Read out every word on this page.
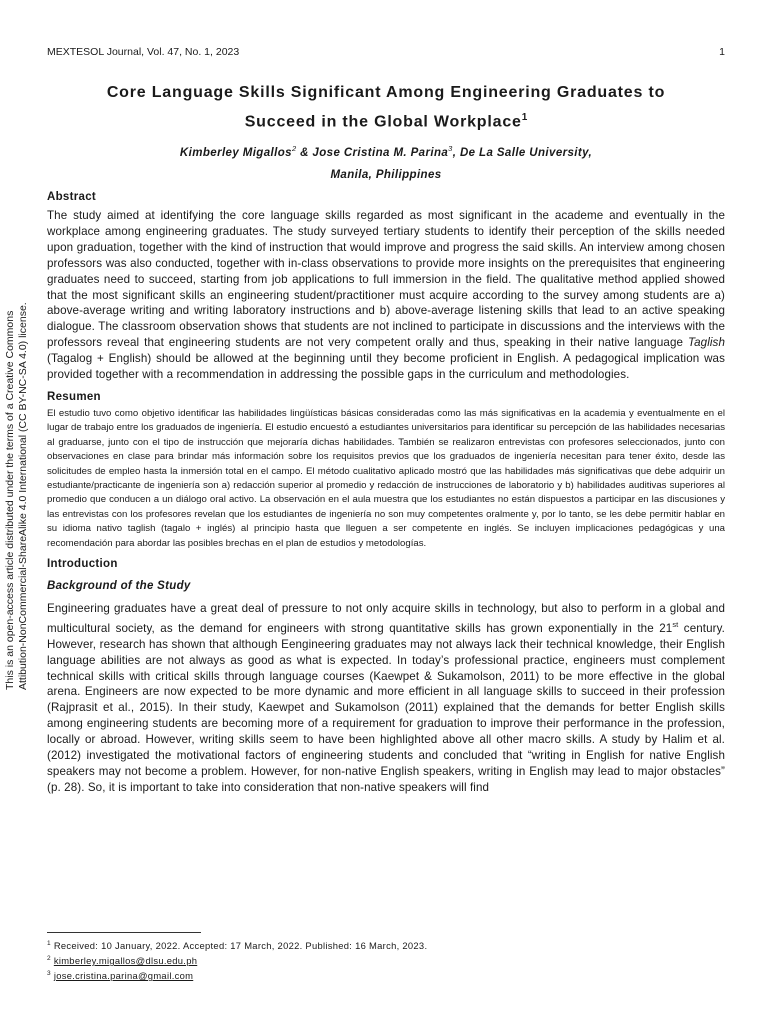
MEXTESOL Journal, Vol. 47, No. 1, 2023	1
This is an open-access article distributed under the terms of a Creative Commons Attibution-NonCommercial-ShareAlike 4.0 International (CC BY-NC-SA 4.0) license.
Core Language Skills Significant Among Engineering Graduates to
Succeed in the Global Workplace$^1$
Kimberley Migallos$^2$ & Jose Cristina M. Parina$^3$, De La Salle University,
Manila, Philippines
Abstract

The study aimed at identifying the core language skills regarded as most significant in the academe and eventually in the workplace among engineering graduates. The study surveyed tertiary students to identify their perception of the skills needed upon graduation, together with the kind of instruction that would improve and progress the said skills. An interview among chosen professors was also conducted, together with in-class observations to provide more insights on the prerequisites that engineering graduates need to succeed, starting from job applications to full immersion in the field. The qualitative method applied showed that the most significant skills an engineering student/practitioner must acquire according to the survey among students are a) above-average writing and writing laboratory instructions and b) above-average listening skills that lead to an active speaking dialogue. The classroom observation shows that students are not inclined to participate in discussions and the interviews with the professors reveal that engineering students are not very competent orally and thus, speaking in their native language Taglish (Tagalog + English) should be allowed at the beginning until they become proficient in English. A pedagogical implication was provided together with a recommendation in addressing the possible gaps in the curriculum and methodologies.

Resumen

El estudio tuvo como objetivo identificar las habilidades lingüísticas básicas consideradas como las más significativas en la academia y eventualmente en el lugar de trabajo entre los graduados de ingeniería. El estudio encuestó a estudiantes universitarios para identificar su percepción de las habilidades necesarias al graduarse, junto con el tipo de instrucción que mejoraría dichas habilidades. También se realizaron entrevistas con profesores seleccionados, junto con observaciones en clase para brindar más información sobre los requisitos previos que los graduados de ingeniería necesitan para tener éxito, desde las solicitudes de empleo hasta la inmersión total en el campo. El método cualitativo aplicado mostró que las habilidades más significativas que debe adquirir un estudiante/practicante de ingeniería son a) redacción superior al promedio y redacción de instrucciones de laboratorio y b) habilidades auditivas superiores al promedio que conducen a un diálogo oral activo. La observación en el aula muestra que los estudiantes no están dispuestos a participar en las discusiones y las entrevistas con los profesores revelan que los estudiantes de ingeniería no son muy competentes oralmente y, por lo tanto, se les debe permitir hablar en su idioma nativo taglish (tagalo + inglés) al principio hasta que lleguen a ser competente en inglés. Se incluyen implicaciones pedagógicas y una recomendación para abordar las posibles brechas en el plan de estudios y metodologías.

Introduction
Background of the Study

Engineering graduates have a great deal of pressure to not only acquire skills in technology, but also to perform in a global and multicultural society, as the demand for engineers with strong quantitative skills has grown exponentially in the 21st century. However, research has shown that although Eengineering graduates may not always lack their technical knowledge, their English language abilities are not always as good as what is expected. In today’s professional practice, engineers must complement technical skills with critical skills through language courses (Kaewpet & Sukamolson, 2011) to be more effective in the global arena. Engineers are now expected to be more dynamic and more efficient in all language skills to succeed in their profession (Rajprasit et al., 2015). In their study, Kaewpet and Sukamolson (2011) explained that the demands for better English skills among engineering students are becoming more of a requirement for graduation to improve their performance in the profession, locally or abroad. However, writing skills seem to have been highlighted above all other macro skills. A study by Halim et al. (2012) investigated the motivational factors of engineering students and concluded that “writing in English for native English speakers may not become a problem. However, for non-native English speakers, writing in English may lead to major obstacles” (p. 28). So, it is important to take into consideration that non-native speakers will find

$^1$ Received: 10 January, 2022. Accepted: 17 March, 2022. Published: 16 March, 2023.
$^2$ kimberley.migallos@dlsu.edu.ph
$^3$ jose.cristina.parina@gmail.com
